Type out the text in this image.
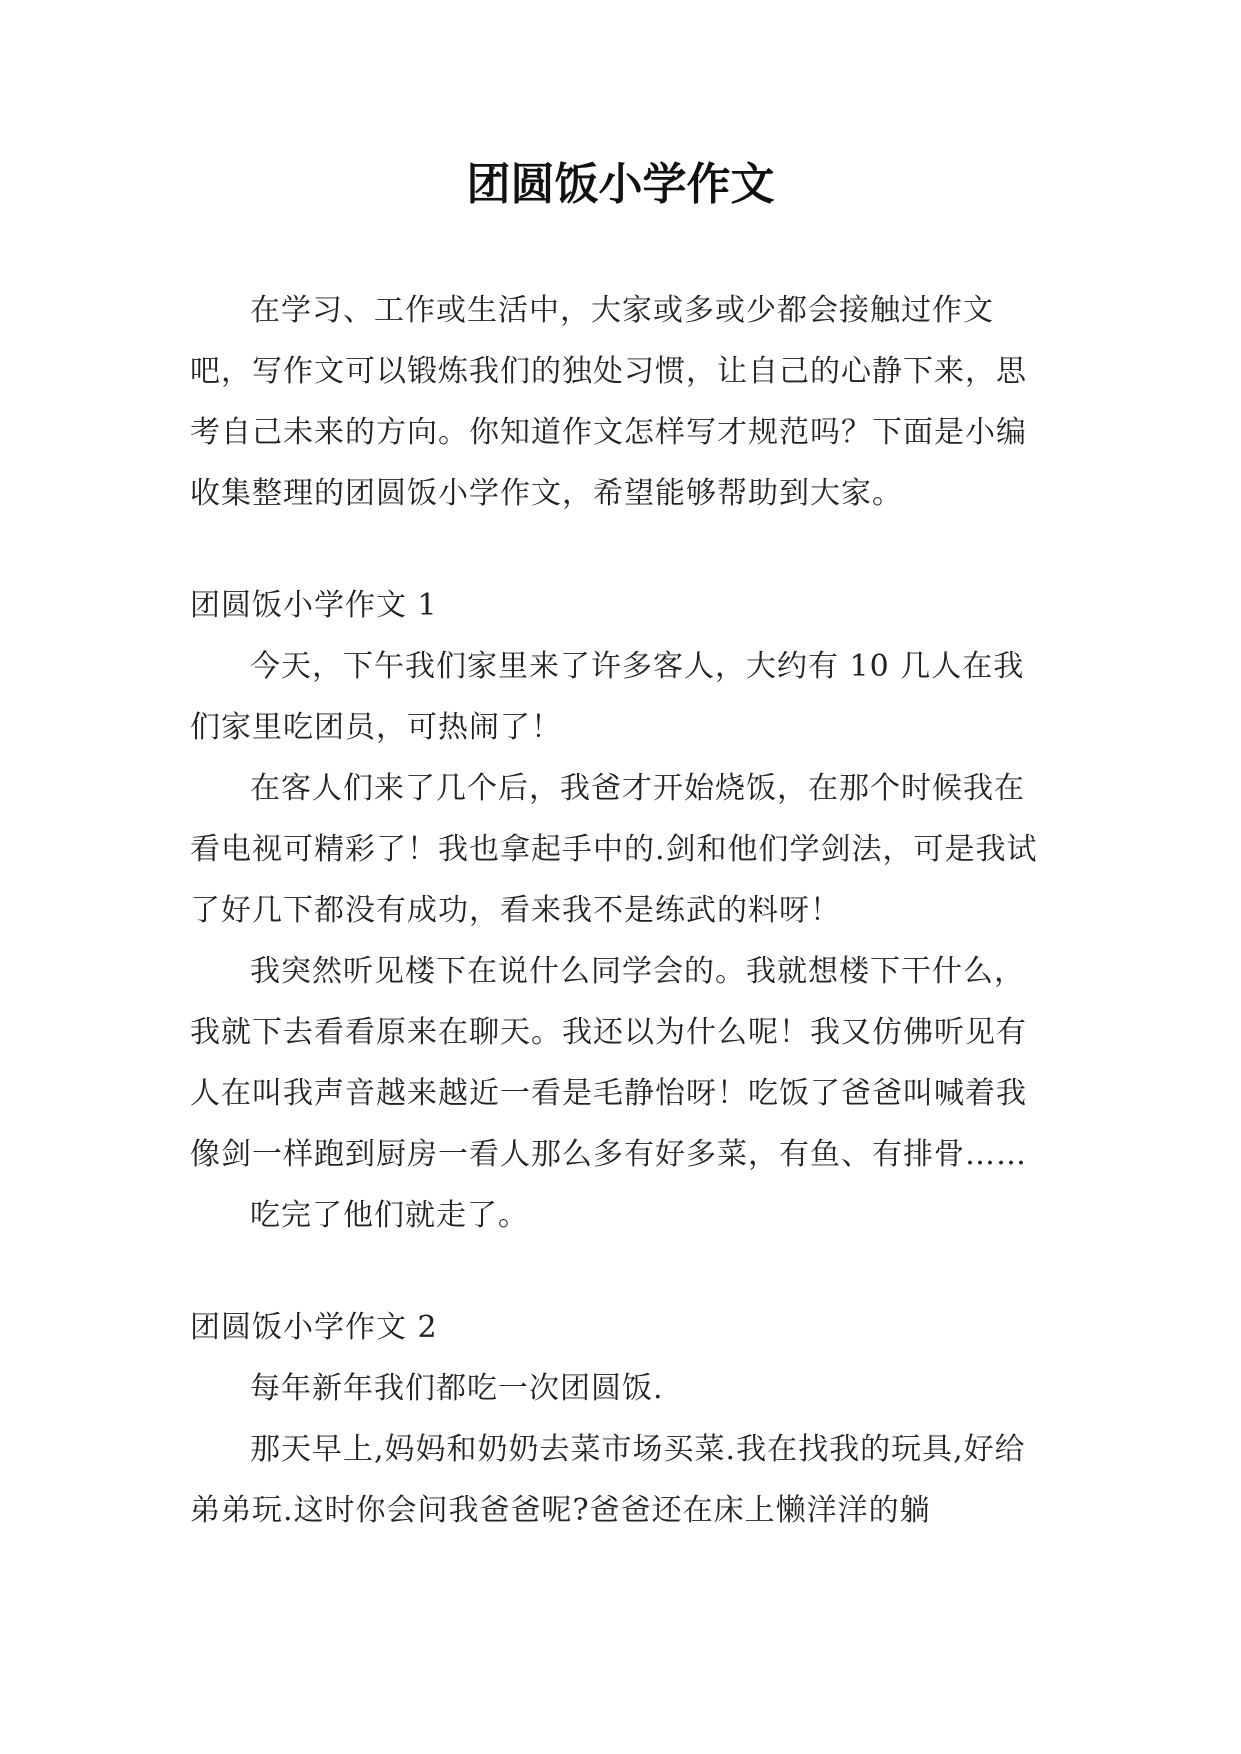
团圆饭小学作文

在学习、工作或生活中，大家或多或少都会接触过作文吧，写作文可以锻炼我们的独处习惯，让自己的心静下来，思考自己未来的方向。你知道作文怎样写才规范吗？下面是小编收集整理的团圆饭小学作文，希望能够帮助到大家。

团圆饭小学作文 1

今天，下午我们家里来了许多客人，大约有 10 几人在我们家里吃团员，可热闹了！

在客人们来了几个后，我爸才开始烧饭，在那个时候我在看电视可精彩了！我也拿起手中的.剑和他们学剑法，可是我试了好几下都没有成功，看来我不是练武的料呀！

我突然听见楼下在说什么同学会的。我就想楼下干什么，我就下去看看原来在聊天。我还以为什么呢！我又仿佛听见有人在叫我声音越来越近一看是毛静怡呀！吃饭了爸爸叫喊着我像剑一样跑到厨房一看人那么多有好多菜，有鱼、有排骨……

吃完了他们就走了。

团圆饭小学作文 2

每年新年我们都吃一次团圆饭.

那天早上,妈妈和奶奶去菜市场买菜.我在找我的玩具,好给弟弟玩.这时你会问我爸爸呢?爸爸还在床上懒洋洋的躺
